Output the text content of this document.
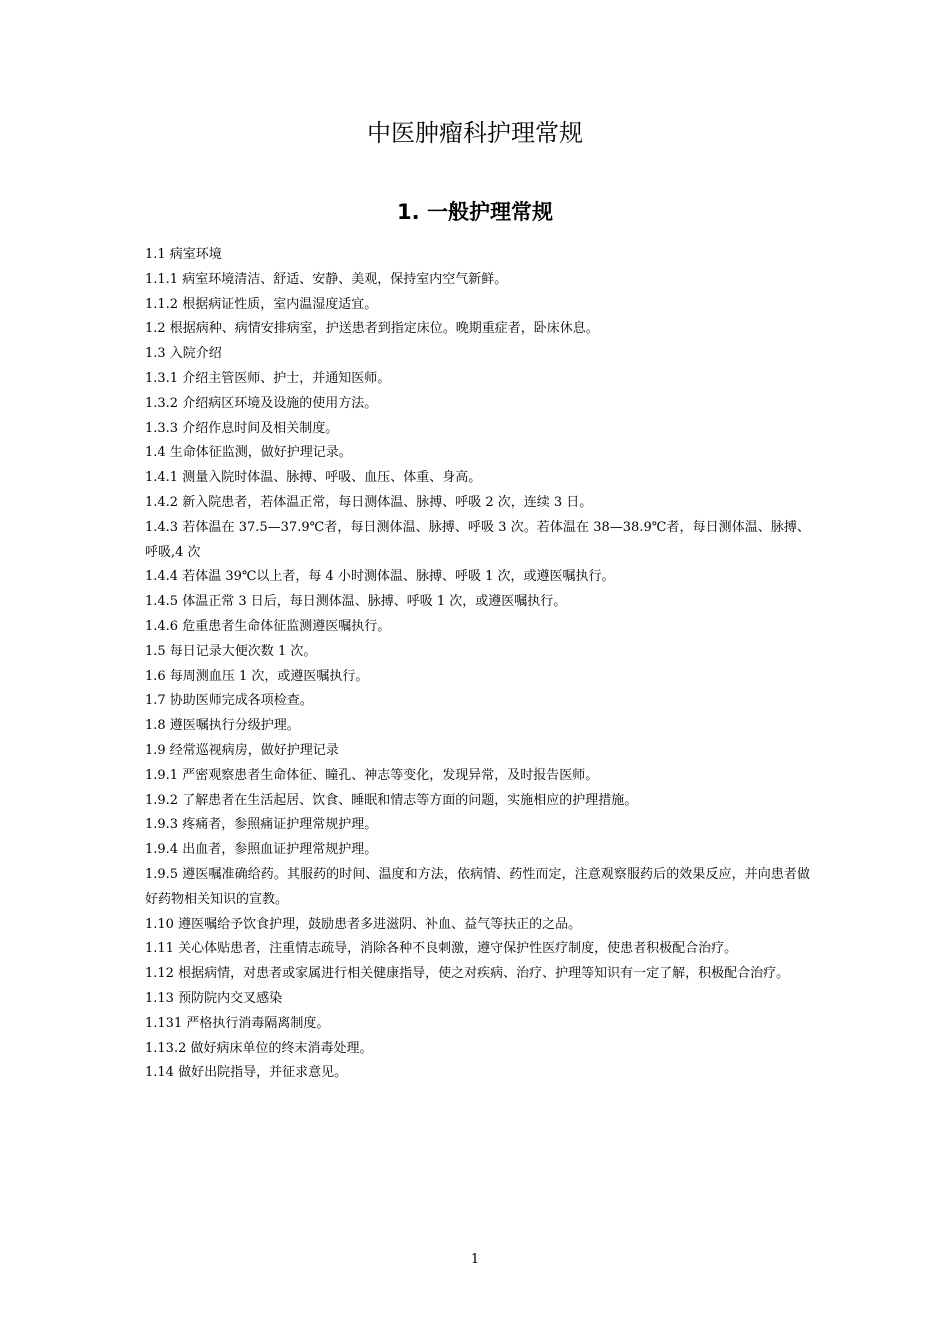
中医肿瘤科护理常规
1. 一般护理常规

1.1 病室环境

1.1.1 病室环境清洁、舒适、安静、美观，保持室内空气新鲜。

1.1.2 根据病证性质，室内温湿度适宜。

1.2 根据病种、病情安排病室，护送患者到指定床位。晚期重症者，卧床休息。

1.3 入院介绍

1.3.1 介绍主管医师、护士，并通知医师。

1.3.2 介绍病区环境及设施的使用方法。

1.3.3 介绍作息时间及相关制度。

1.4 生命体征监测，做好护理记录。

1.4.1 测量入院时体温、脉搏、呼吸、血压、体重、身高。

1.4.2 新入院患者，若体温正常，每日测体温、脉搏、呼吸 2 次，连续 3 日。

1.4.3 若体温在 37.5—37.9℃者，每日测体温、脉搏、呼吸 3 次。若体温在 38—38.9℃者，每日测体温、脉搏、呼吸,4 次

1.4.4 若体温 39℃以上者，每 4 小时测体温、脉搏、呼吸 1 次，或遵医嘱执行。

1.4.5 体温正常 3 日后，每日测体温、脉搏、呼吸 1 次，或遵医嘱执行。

1.4.6 危重患者生命体征监测遵医嘱执行。

1.5 每日记录大便次数 1 次。

1.6 每周测血压 1 次，或遵医嘱执行。

1.7 协助医师完成各项检查。

1.8 遵医嘱执行分级护理。

1.9 经常巡视病房，做好护理记录

1.9.1 严密观察患者生命体征、瞳孔、神志等变化，发现异常，及时报告医师。

1.9.2 了解患者在生活起居、饮食、睡眠和情志等方面的问题，实施相应的护理措施。

1.9.3 疼痛者，参照痛证护理常规护理。

1.9.4 出血者，参照血证护理常规护理。

1.9.5 遵医嘱准确给药。其服药的时间、温度和方法，依病情、药性而定，注意观察服药后的效果反应，并向患者做好药物相关知识的宣教。

1.10 遵医嘱给予饮食护理，鼓励患者多进滋阴、补血、益气等扶正的之品。

1.11 关心体贴患者，注重情志疏导，消除各种不良刺激，遵守保护性医疗制度，使患者积极配合治疗。

1.12 根据病情，对患者或家属进行相关健康指导，使之对疾病、治疗、护理等知识有一定了解，积极配合治疗。

1.13 预防院内交叉感染

1.131 严格执行消毒隔离制度。

1.13.2 做好病床单位的终末消毒处理。

1.14 做好出院指导，并征求意见。

1
